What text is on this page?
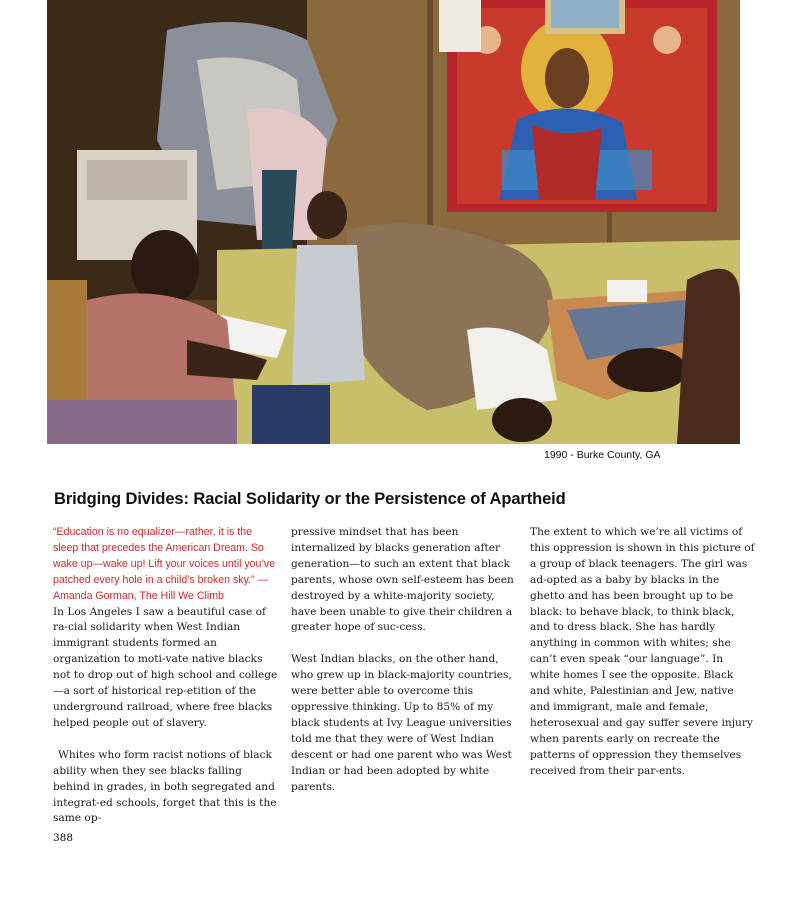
1990 - Burke County, GA
Bridging Divides: Racial Solidarity or the Persistence of Apartheid

“Education is no equalizer—rather, it is the sleep that precedes the American Dream. So wake up—wake up! Lift your voices until you’ve patched every hole in a child’s broken sky.” —Amanda Gorman, The Hill We Climb

In Los Angeles I saw a beautiful case of ra-cial solidarity when West Indian immigrant students formed an organization to moti-vate native blacks not to drop out of high school and college—a sort of historical rep-etition of the underground railroad, where free blacks helped people out of slavery.

Whites who form racist notions of black ability when they see blacks falling behind in grades, in both segregated and integrat-ed schools, forget that this is the same op-

pressive mindset that has been internalized by blacks generation after generation—to such an extent that black parents, whose own self-esteem has been destroyed by a white-majority society, have been unable to give their children a greater hope of suc-cess.

West Indian blacks, on the other hand, who grew up in black-majority countries, were better able to overcome this oppressive thinking. Up to 85% of my black students at Ivy League universities told me that they were of West Indian descent or had one parent who was West Indian or had been adopted by white parents.

The extent to which we’re all victims of this oppression is shown in this picture of a group of black teenagers. The girl was ad-opted as a baby by blacks in the ghetto and has been brought up to be black: to behave black, to think black, and to dress black. She has hardly anything in common with whites; she can’t even speak “our language”. In white homes I see the opposite. Black and white, Palestinian and Jew, native and immigrant, male and female, heterosexual and gay suffer severe injury when parents early on recreate the patterns of oppression they themselves received from their par-ents.

388
